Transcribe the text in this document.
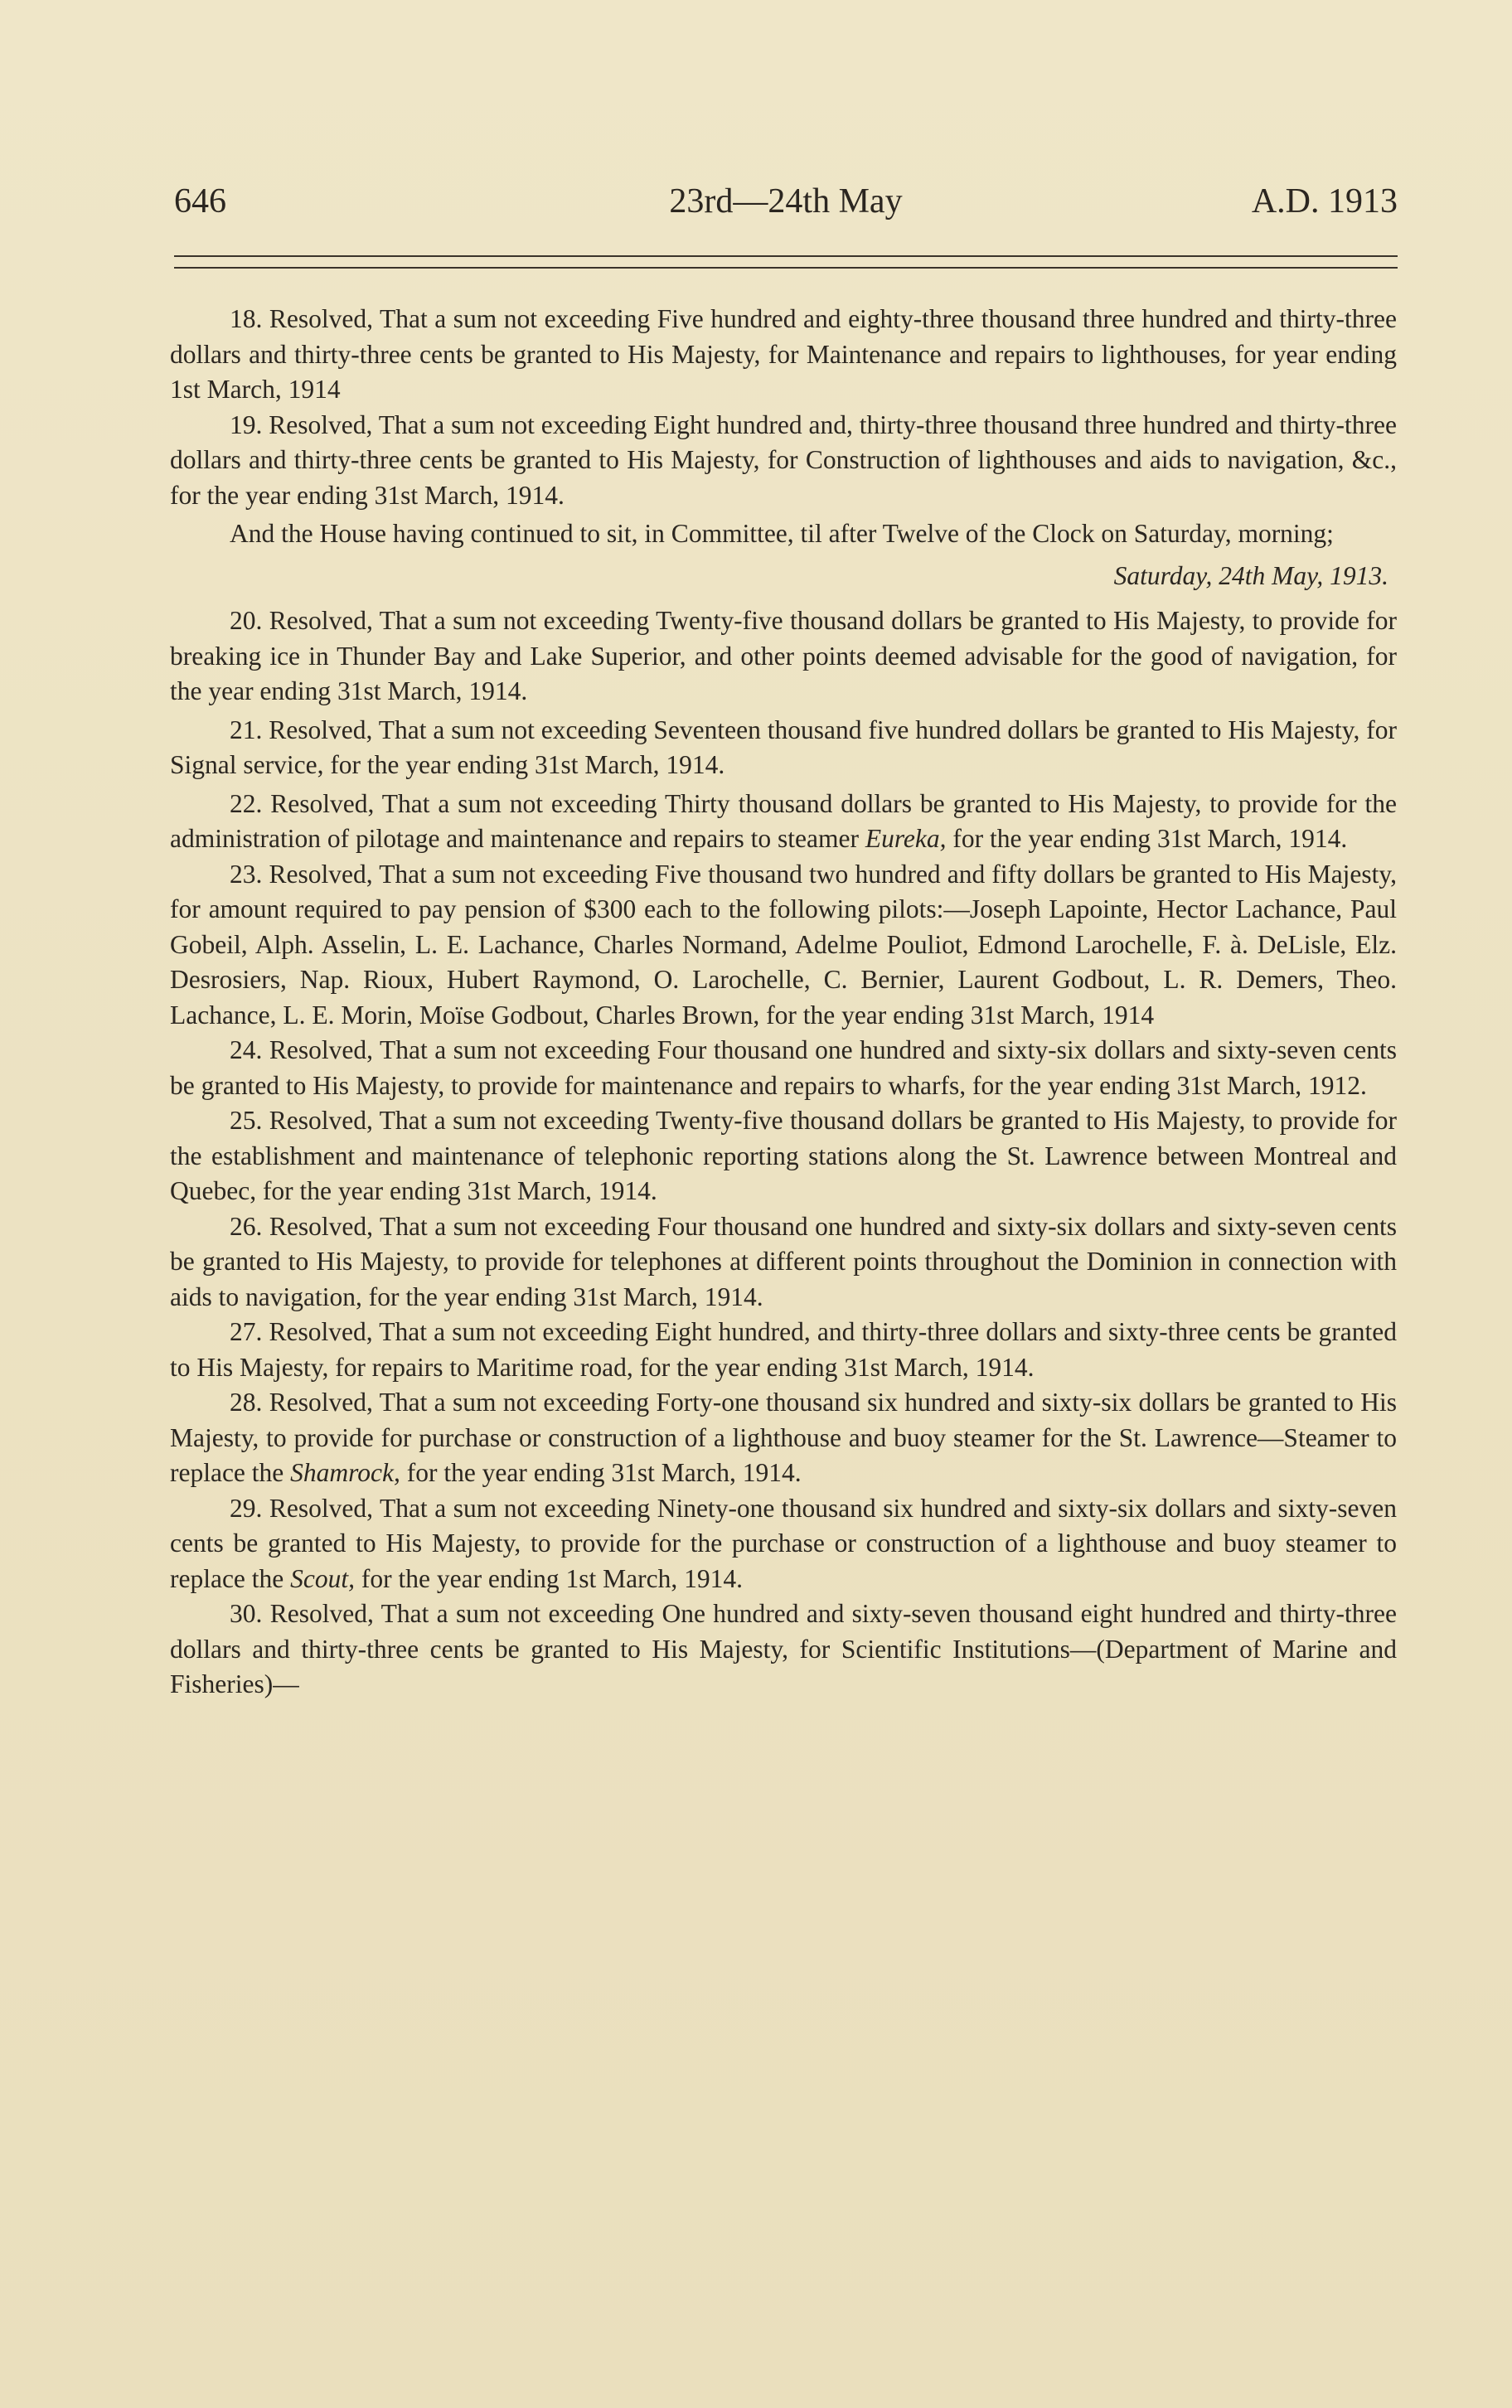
646	23rd—24th May	A.D. 1913

18. Resolved, That a sum not exceeding Five hundred and eighty-three thousand three hundred and thirty-three dollars and thirty-three cents be granted to His Majesty, for Maintenance and repairs to lighthouses, for year ending 1st March, 1914

19. Resolved, That a sum not exceeding Eight hundred and, thirty-three thousand three hundred and thirty-three dollars and thirty-three cents be granted to His Majesty, for Construction of lighthouses and aids to navigation, &c., for the year ending 31st March, 1914.

And the House having continued to sit, in Committee, til after Twelve of the Clock on Saturday, morning;

Saturday, 24th May, 1913.

20. Resolved, That a sum not exceeding Twenty-five thousand dollars be granted to His Majesty, to provide for breaking ice in Thunder Bay and Lake Superior, and other points deemed advisable for the good of navigation, for the year ending 31st March, 1914.

21. Resolved, That a sum not exceeding Seventeen thousand five hundred dollars be granted to His Majesty, for Signal service, for the year ending 31st March, 1914.

22. Resolved, That a sum not exceeding Thirty thousand dollars be granted to His Majesty, to provide for the administration of pilotage and maintenance and repairs to steamer Eureka, for the year ending 31st March, 1914.

23. Resolved, That a sum not exceeding Five thousand two hundred and fifty dollars be granted to His Majesty, for amount required to pay pension of $300 each to the following pilots:—Joseph Lapointe, Hector Lachance, Paul Gobeil, Alph. Asselin, L. E. Lachance, Charles Normand, Adelme Pouliot, Edmond Larochelle, F. à. DeLisle, Elz. Desrosiers, Nap. Rioux, Hubert Raymond, O. Larochelle, C. Bernier, Laurent Godbout, L. R. Demers, Theo. Lachance, L. E. Morin, Moïse Godbout, Charles Brown, for the year ending 31st March, 1914

24. Resolved, That a sum not exceeding Four thousand one hundred and sixty-six dollars and sixty-seven cents be granted to His Majesty, to provide for maintenance and repairs to wharfs, for the year ending 31st March, 1912.

25. Resolved, That a sum not exceeding Twenty-five thousand dollars be granted to His Majesty, to provide for the establishment and maintenance of telephonic reporting stations along the St. Lawrence between Montreal and Quebec, for the year ending 31st March, 1914.

26. Resolved, That a sum not exceeding Four thousand one hundred and sixty-six dollars and sixty-seven cents be granted to His Majesty, to provide for telephones at different points throughout the Dominion in connection with aids to navigation, for the year ending 31st March, 1914.

27. Resolved, That a sum not exceeding Eight hundred, and thirty-three dollars and sixty-three cents be granted to His Majesty, for repairs to Maritime road, for the year ending 31st March, 1914.

28. Resolved, That a sum not exceeding Forty-one thousand six hundred and sixty-six dollars be granted to His Majesty, to provide for purchase or construction of a lighthouse and buoy steamer for the St. Lawrence—Steamer to replace the Shamrock, for the year ending 31st March, 1914.

29. Resolved, That a sum not exceeding Ninety-one thousand six hundred and sixty-six dollars and sixty-seven cents be granted to His Majesty, to provide for the purchase or construction of a lighthouse and buoy steamer to replace the Scout, for the year ending 1st March, 1914.

30. Resolved, That a sum not exceeding One hundred and sixty-seven thousand eight hundred and thirty-three dollars and thirty-three cents be granted to His Majesty, for Scientific Institutions—(Department of Marine and Fisheries)—
